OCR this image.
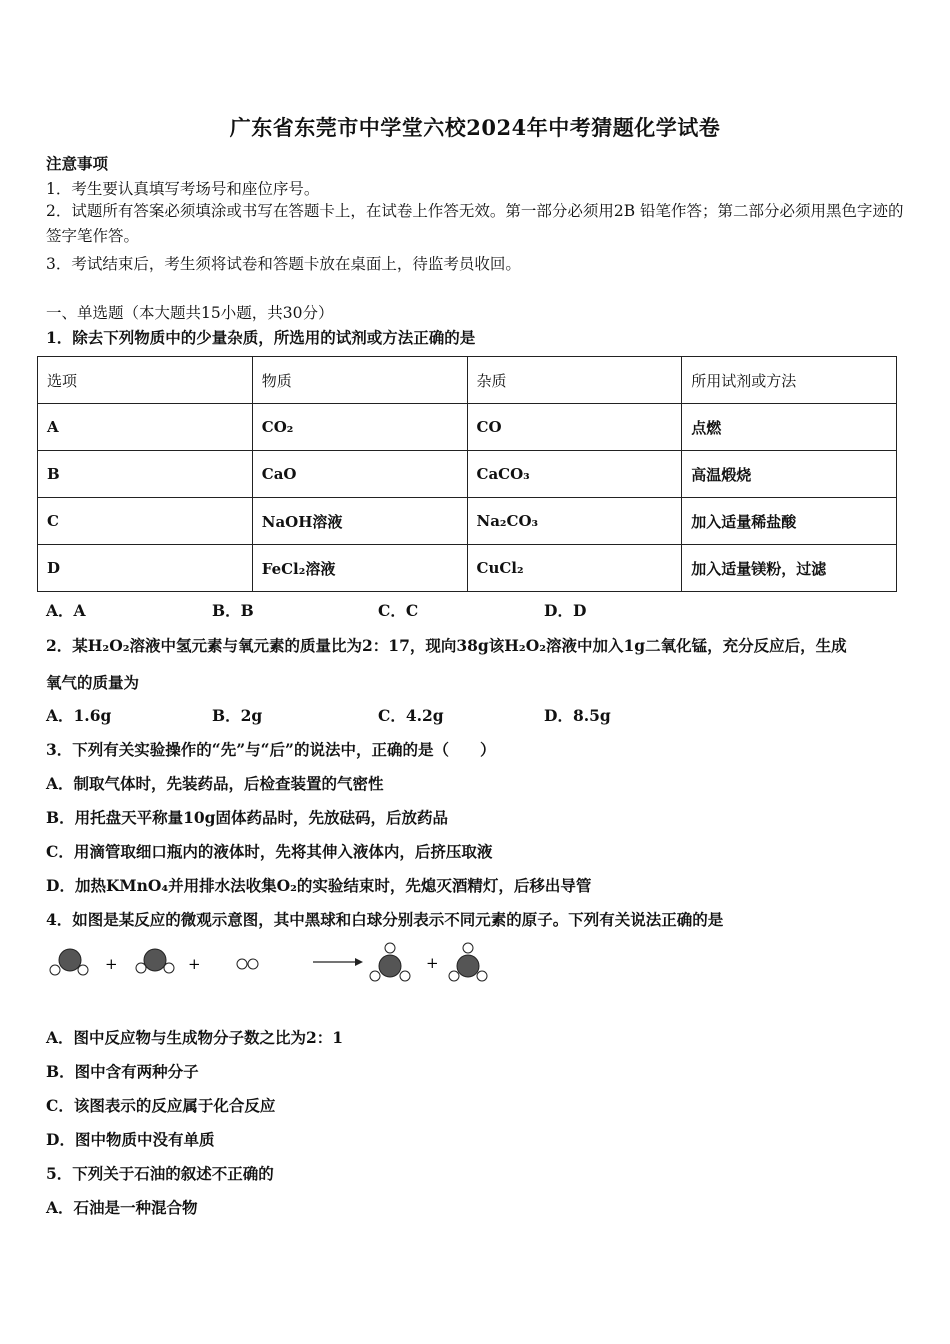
广东省东莞市中学堂六校2024年中考猜题化学试卷
注意事项
1．考生要认真填写考场号和座位序号。
2．试题所有答案必须填涂或书写在答题卡上，在试卷上作答无效。第一部分必须用2B 铅笔作答；第二部分必须用黑色字迹的签字笔作答。
3．考试结束后，考生须将试卷和答题卡放在桌面上，待监考员收回。
一、单选题（本大题共15小题，共30分）
1．除去下列物质中的少量杂质，所选用的试剂或方法正确的是
选项	物质	杂质	所用试剂或方法
A	CO₂	CO	点燃
B	CaO	CaCO₃	高温煅烧
C	NaOH溶液	Na₂CO₃	加入适量稀盐酸
D	FeCl₂溶液	CuCl₂	加入适量镁粉，过滤
A．A	B．B	C．C	D．D
2．某H₂O₂溶液中氢元素与氧元素的质量比为2：17，现向38g该H₂O₂溶液中加入1g二氧化锰，充分反应后，生成
氧气的质量为
A．1.6g	B．2g	C．4.2g	D．8.5g
3．下列有关实验操作的“先”与“后”的说法中，正确的是（　　）
A．制取气体时，先装药品，后检查装置的气密性
B．用托盘天平称量10g固体药品时，先放砝码，后放药品
C．用滴管取细口瓶内的液体时，先将其伸入液体内，后挤压取液
D．加热KMnO₄并用排水法收集O₂的实验结束时，先熄灭酒精灯，后移出导管
4．如图是某反应的微观示意图，其中黑球和白球分别表示不同元素的原子。下列有关说法正确的是
+	+	+
A．图中反应物与生成物分子数之比为2：1
B．图中含有两种分子
C．该图表示的反应属于化合反应
D．图中物质中没有单质
5．下列关于石油的叙述不正确的
A．石油是一种混合物
